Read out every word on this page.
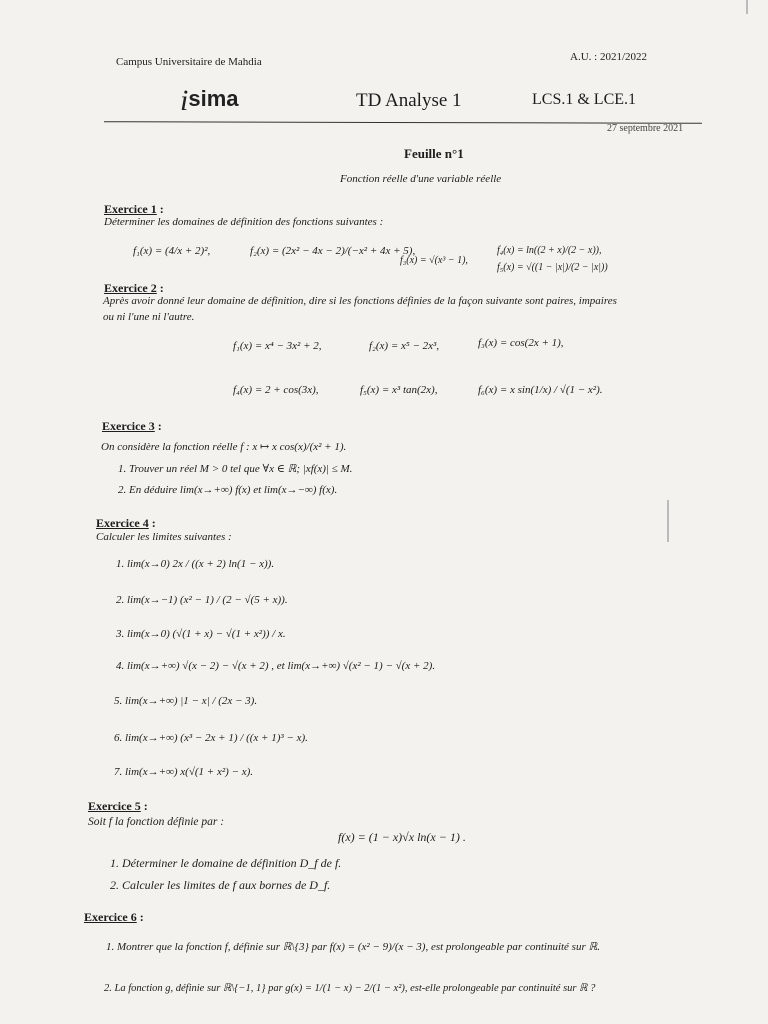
Campus Universitaire de Mahdia	A.U. : 2021/2022
isima	TD Analyse 1	LCS.1 & LCE.1
27 septembre 2021
Feuille n°1
Fonction réelle d'une variable réelle
Exercice 1 :
Déterminer les domaines de définition des fonctions suivantes :
f₁(x) = (4/x + 2)²,	f₂(x) = (2x² − 4x − 2)/(−x² + 4x + 5),
f₃(x) = √(x³ − 1),
f₄(x) = ln((2 + x)/(2 − x)),
f₅(x) = √((1 − |x|)/(2 − |x|))
Exercice 2 :
Après avoir donné leur domaine de définition, dire si les fonctions définies de la façon suivante sont paires, impaires
ou ni l'une ni l'autre.
f₁(x) = x⁴ − 3x² + 2,	f₂(x) = x⁵ − 2x³,	f₃(x) = cos(2x + 1),
f₄(x) = 2 + cos(3x),	f₅(x) = x³ tan(2x),	f₆(x) = x sin(1/x) / √(1 − x²).
Exercice 3 :
On considère la fonction réelle f : x ↦ x cos(x)/(x² + 1).
1. Trouver un réel M > 0 tel que ∀x ∈ ℝ; |xf(x)| ≤ M.
2. En déduire lim(x→+∞) f(x) et lim(x→−∞) f(x).
Exercice 4 :
Calculer les limites suivantes :
1. lim(x→0) 2x / ((x + 2) ln(1 − x)).
2. lim(x→−1) (x² − 1) / (2 − √(5 + x)).
3. lim(x→0) (√(1 + x) − √(1 + x²)) / x.
4. lim(x→+∞) √(x − 2) − √(x + 2) , et lim(x→+∞) √(x² − 1) − √(x + 2).
5. lim(x→+∞) |1 − x| / (2x − 3).
6. lim(x→+∞) (x³ − 2x + 1) / ((x + 1)³ − x).
7. lim(x→+∞) x(√(1 + x²) − x).
Exercice 5 :
Soit f la fonction définie par :
f(x) = (1 − x)√x ln(x − 1) .
1. Déterminer le domaine de définition D_f de f.
2. Calculer les limites de f aux bornes de D_f.
Exercice 6 :
1. Montrer que la fonction f, définie sur ℝ\{3} par f(x) = (x² − 9)/(x − 3), est prolongeable par continuité sur ℝ.
2. La fonction g, définie sur ℝ\{−1, 1} par g(x) = 1/(1 − x) − 2/(1 − x²), est-elle prolongeable par continuité sur ℝ ?
